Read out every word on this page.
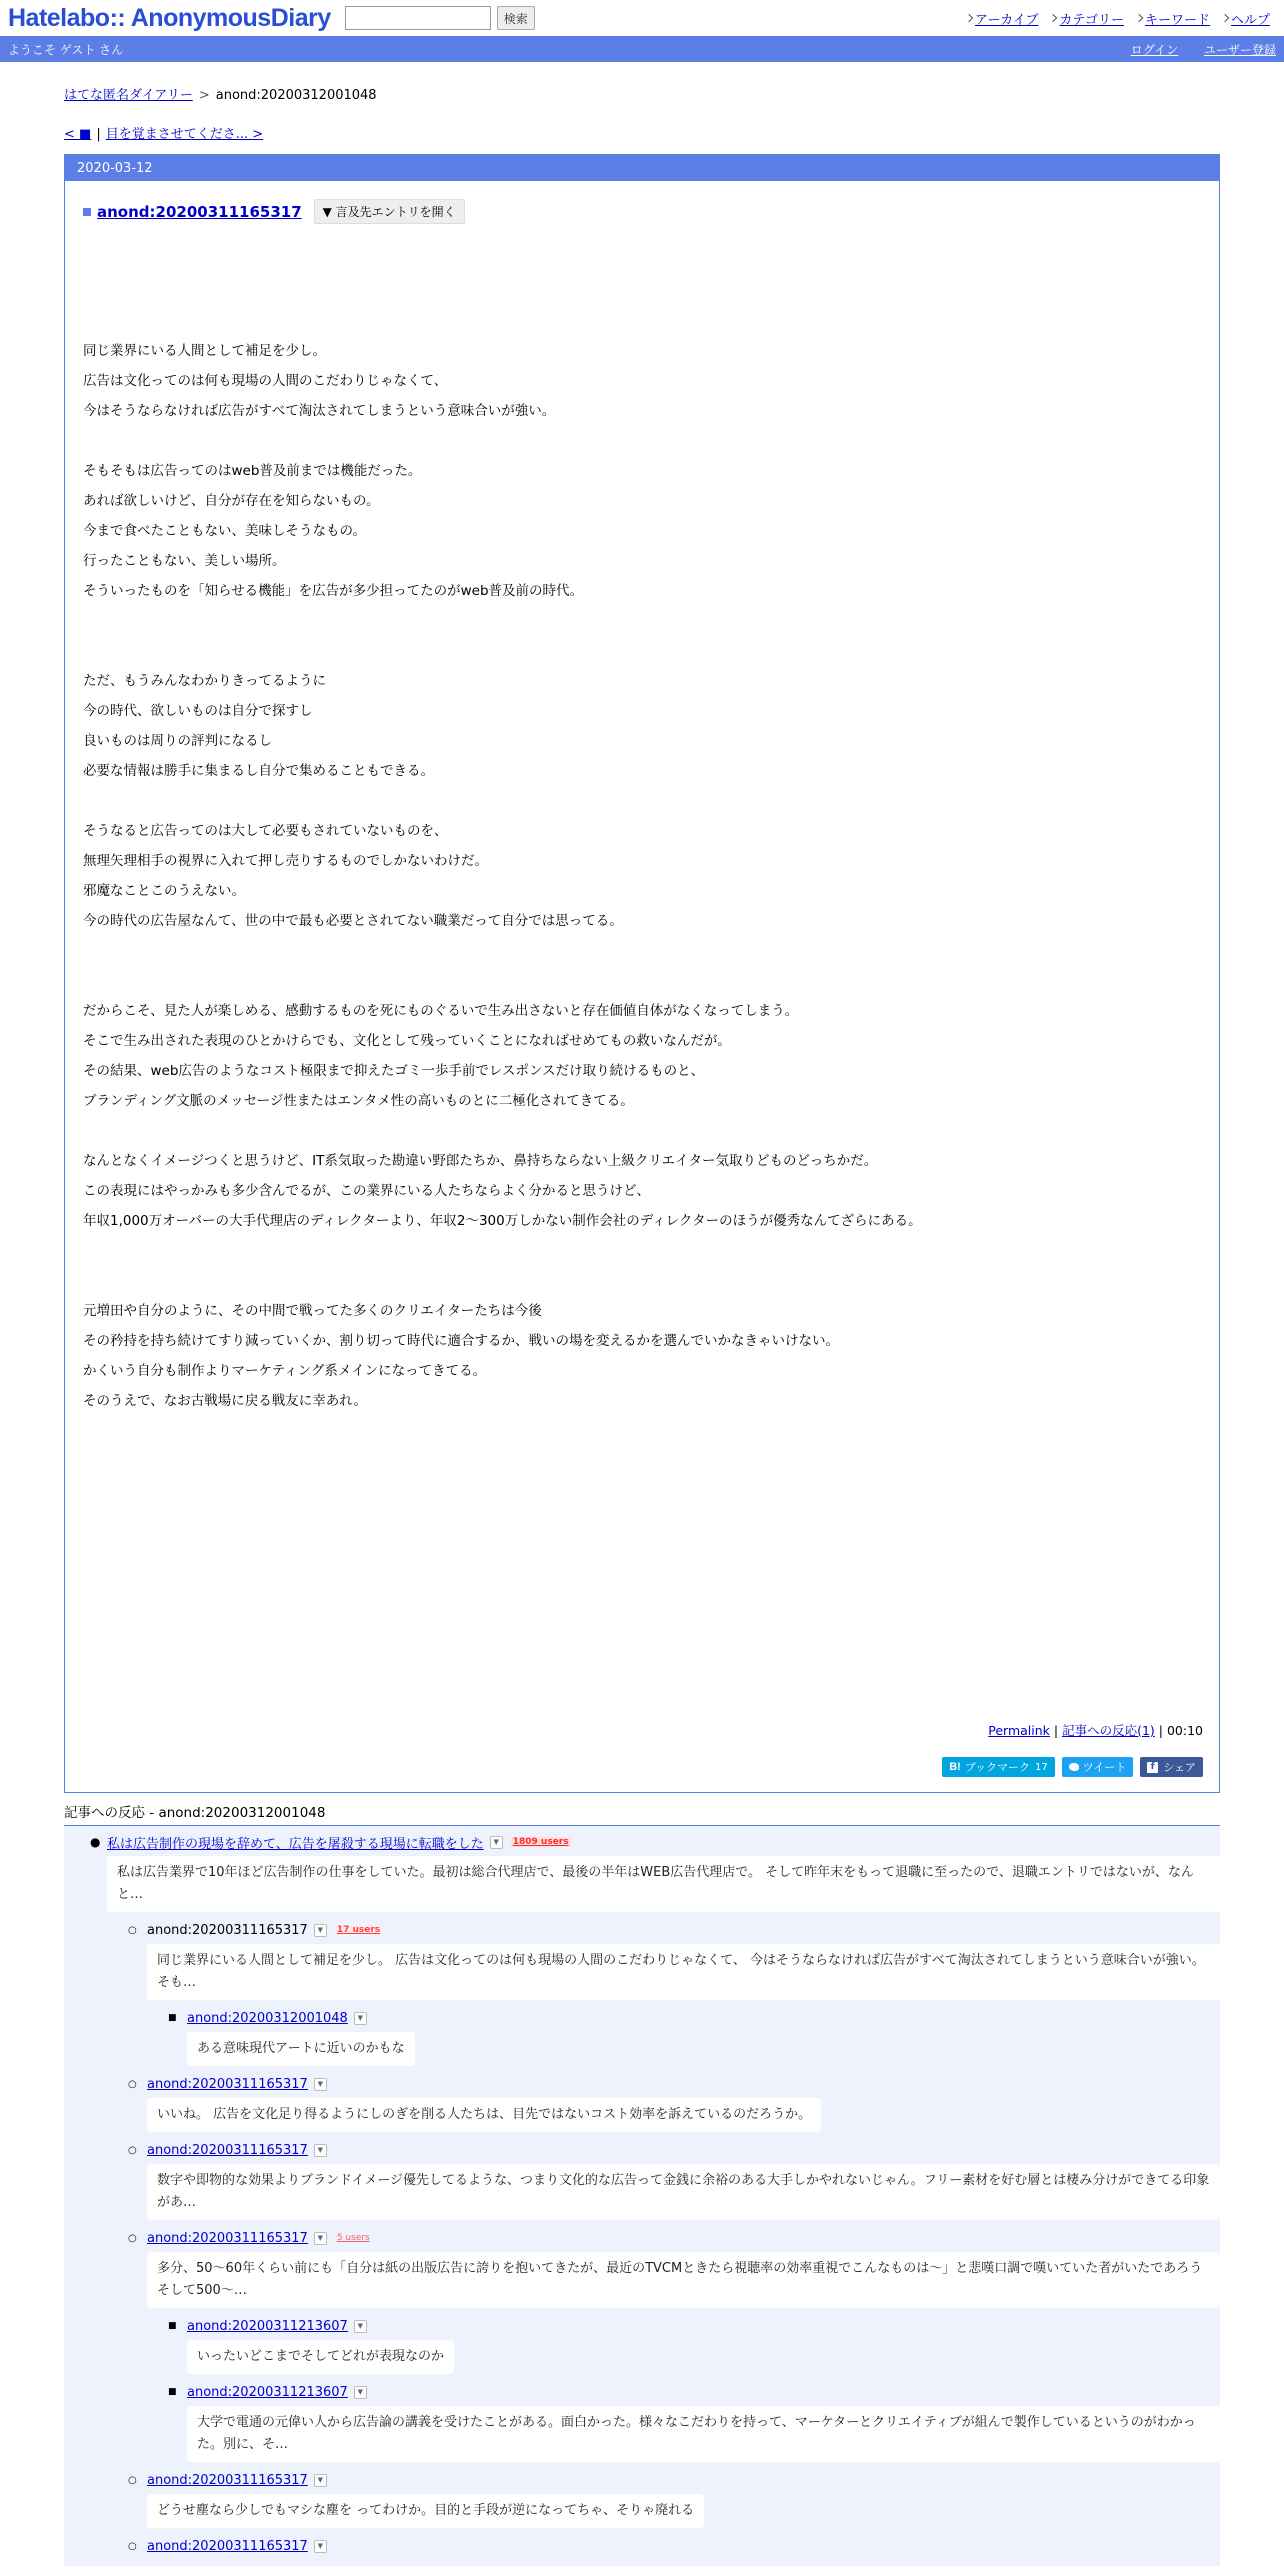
Hatelabo:: AnonymousDiary	検索	アーカイブ カテゴリー キーワード ヘルプ
ようこそ ゲスト さん	ログイン ユーザー登録
はてな匿名ダイアリー > anond:20200312001048
< ■ | 目を覚まさせてくださ... >
2020-03-12
anond:20200311165317	▼ 言及先エントリを開く

同じ業界にいる人間として補足を少し。

広告は文化ってのは何も現場の人間のこだわりじゃなくて、

今はそうならなければ広告がすべて淘汰されてしまうという意味合いが強い。

そもそもは広告ってのはweb普及前までは機能だった。

あれば欲しいけど、自分が存在を知らないもの。

今まで食べたこともない、美味しそうなもの。

行ったこともない、美しい場所。

そういったものを「知らせる機能」を広告が多少担ってたのがweb普及前の時代。

ただ、もうみんなわかりきってるように

今の時代、欲しいものは自分で探すし

良いものは周りの評判になるし

必要な情報は勝手に集まるし自分で集めることもできる。

そうなると広告ってのは大して必要もされていないものを、

無理矢理相手の視界に入れて押し売りするものでしかないわけだ。

邪魔なことこのうえない。

今の時代の広告屋なんて、世の中で最も必要とされてない職業だって自分では思ってる。

だからこそ、見た人が楽しめる、感動するものを死にものぐるいで生み出さないと存在価値自体がなくなってしまう。

そこで生み出された表現のひとかけらでも、文化として残っていくことになればせめてもの救いなんだが。

その結果、web広告のようなコスト極限まで抑えたゴミ一歩手前でレスポンスだけ取り続けるものと、

ブランディング文脈のメッセージ性またはエンタメ性の高いものとに二極化されてきてる。

なんとなくイメージつくと思うけど、IT系気取った勘違い野郎たちか、鼻持ちならない上級クリエイター気取りどものどっちかだ。

この表現にはやっかみも多少含んでるが、この業界にいる人たちならよく分かると思うけど、

年収1,000万オーバーの大手代理店のディレクターより、年収2〜300万しかない制作会社のディレクターのほうが優秀なんてざらにある。

元増田や自分のように、その中間で戦ってた多くのクリエイターたちは今後

その矜持を持ち続けてすり減っていくか、割り切って時代に適合するか、戦いの場を変えるかを選んでいかなきゃいけない。

かくいう自分も制作よりマーケティング系メインになってきてる。

そのうえで、なお古戦場に戻る戦友に幸あれ。

Permalink | 記事への反応(1) | 00:10
B! ブックマーク 17	ツイート	f シェア
記事への反応 - anond:20200312001048
● 私は広告制作の現場を辞めて、広告を屠殺する現場に転職をした	▼	1809 users
私は広告業界で10年ほど広告制作の仕事をしていた。最初は総合代理店で、最後の半年はWEB広告代理店で。 そして昨年末をもって退職に至ったので、退職エントリではないが、なんと…
○ anond:20200311165317	▼	17 users
同じ業界にいる人間として補足を少し。 広告は文化ってのは何も現場の人間のこだわりじゃなくて、 今はそうならなければ広告がすべて淘汰されてしまうという意味合いが強い。 そも…
■ anond:20200312001048	▼
ある意味現代アートに近いのかもな
○ anond:20200311165317	▼
いいね。 広告を文化足り得るようにしのぎを削る人たちは、目先ではないコスト効率を訴えているのだろうか。
○ anond:20200311165317	▼
数字や即物的な効果よりブランドイメージ優先してるような、つまり文化的な広告って金銭に余裕のある大手しかやれないじゃん。フリー素材を好む層とは棲み分けができてる印象があ…
○ anond:20200311165317	▼	5 users
多分、50～60年くらい前にも「自分は紙の出版広告に誇りを抱いてきたが、最近のTVCMときたら視聴率の効率重視でこんなものは～」と悲嘆口調で嘆いていた者がいたであろう そして500～…
■ anond:20200311213607	▼
いったいどこまでそしてどれが表現なのか
■ anond:20200311213607	▼
大学で電通の元偉い人から広告論の講義を受けたことがある。面白かった。様々なこだわりを持って、マーケターとクリエイティブが組んで製作しているというのがわかった。別に、そ…
○ anond:20200311165317	▼
どうせ塵なら少しでもマシな塵を ってわけか。目的と手段が逆になってちゃ、そりゃ廃れる
○ anond:20200311165317	▼
